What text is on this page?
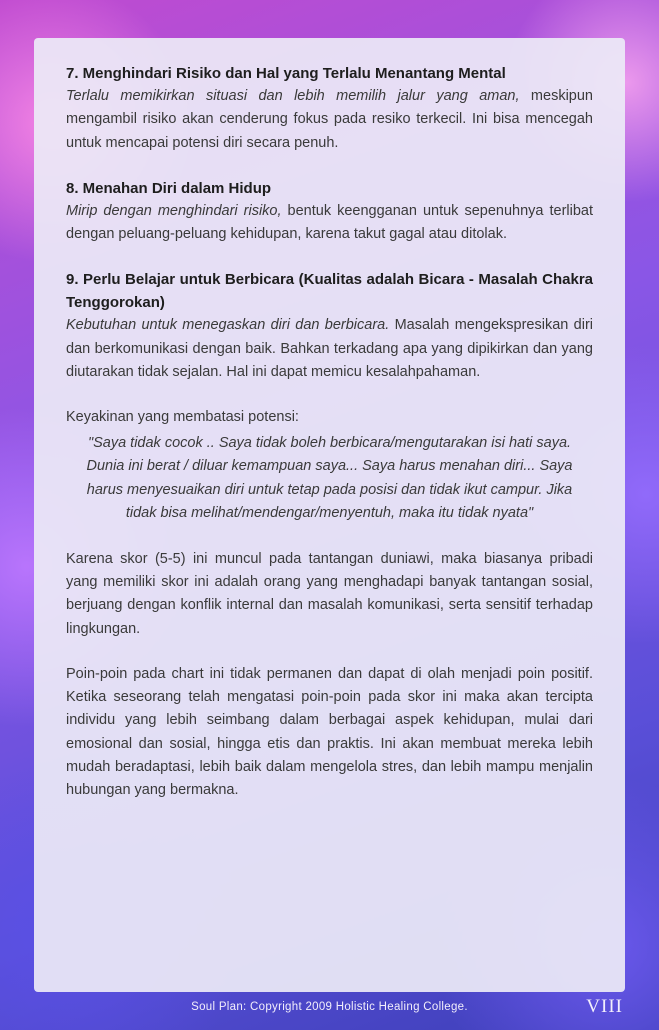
7. Menghindari Risiko dan Hal yang Terlalu Menantang Mental

Terlalu memikirkan situasi dan lebih memilih jalur yang aman, meskipun mengambil risiko akan cenderung fokus pada resiko terkecil. Ini bisa mencegah untuk mencapai potensi diri secara penuh.

8. Menahan Diri dalam Hidup

Mirip dengan menghindari risiko, bentuk keengganan untuk sepenuhnya terlibat dengan peluang-peluang kehidupan, karena takut gagal atau ditolak.

9. Perlu Belajar untuk Berbicara (Kualitas adalah Bicara - Masalah Chakra Tenggorokan)

Kebutuhan untuk menegaskan diri dan berbicara. Masalah mengekspresikan diri dan berkomunikasi dengan baik. Bahkan terkadang apa yang dipikirkan dan yang diutarakan tidak sejalan. Hal ini dapat memicu kesalahpahaman.

Keyakinan yang membatasi potensi:

"Saya tidak cocok .. Saya tidak boleh berbicara/mengutarakan isi hati saya. Dunia ini berat / diluar kemampuan saya... Saya harus menahan diri... Saya harus menyesuaikan diri untuk tetap pada posisi dan tidak ikut campur. Jika tidak bisa melihat/mendengar/menyentuh, maka itu tidak nyata"

Karena skor (5-5) ini muncul pada tantangan duniawi, maka biasanya pribadi yang memiliki skor ini adalah orang yang menghadapi banyak tantangan sosial, berjuang dengan konflik internal dan masalah komunikasi, serta sensitif terhadap lingkungan.

Poin-poin pada chart ini tidak permanen dan dapat di olah menjadi poin positif. Ketika seseorang telah mengatasi poin-poin pada skor ini maka akan tercipta individu yang lebih seimbang dalam berbagai aspek kehidupan, mulai dari emosional dan sosial, hingga etis dan praktis. Ini akan membuat mereka lebih mudah beradaptasi, lebih baik dalam mengelola stres, dan lebih mampu menjalin hubungan yang bermakna.

Soul Plan: Copyright 2009 Holistic Healing College.	VIII
